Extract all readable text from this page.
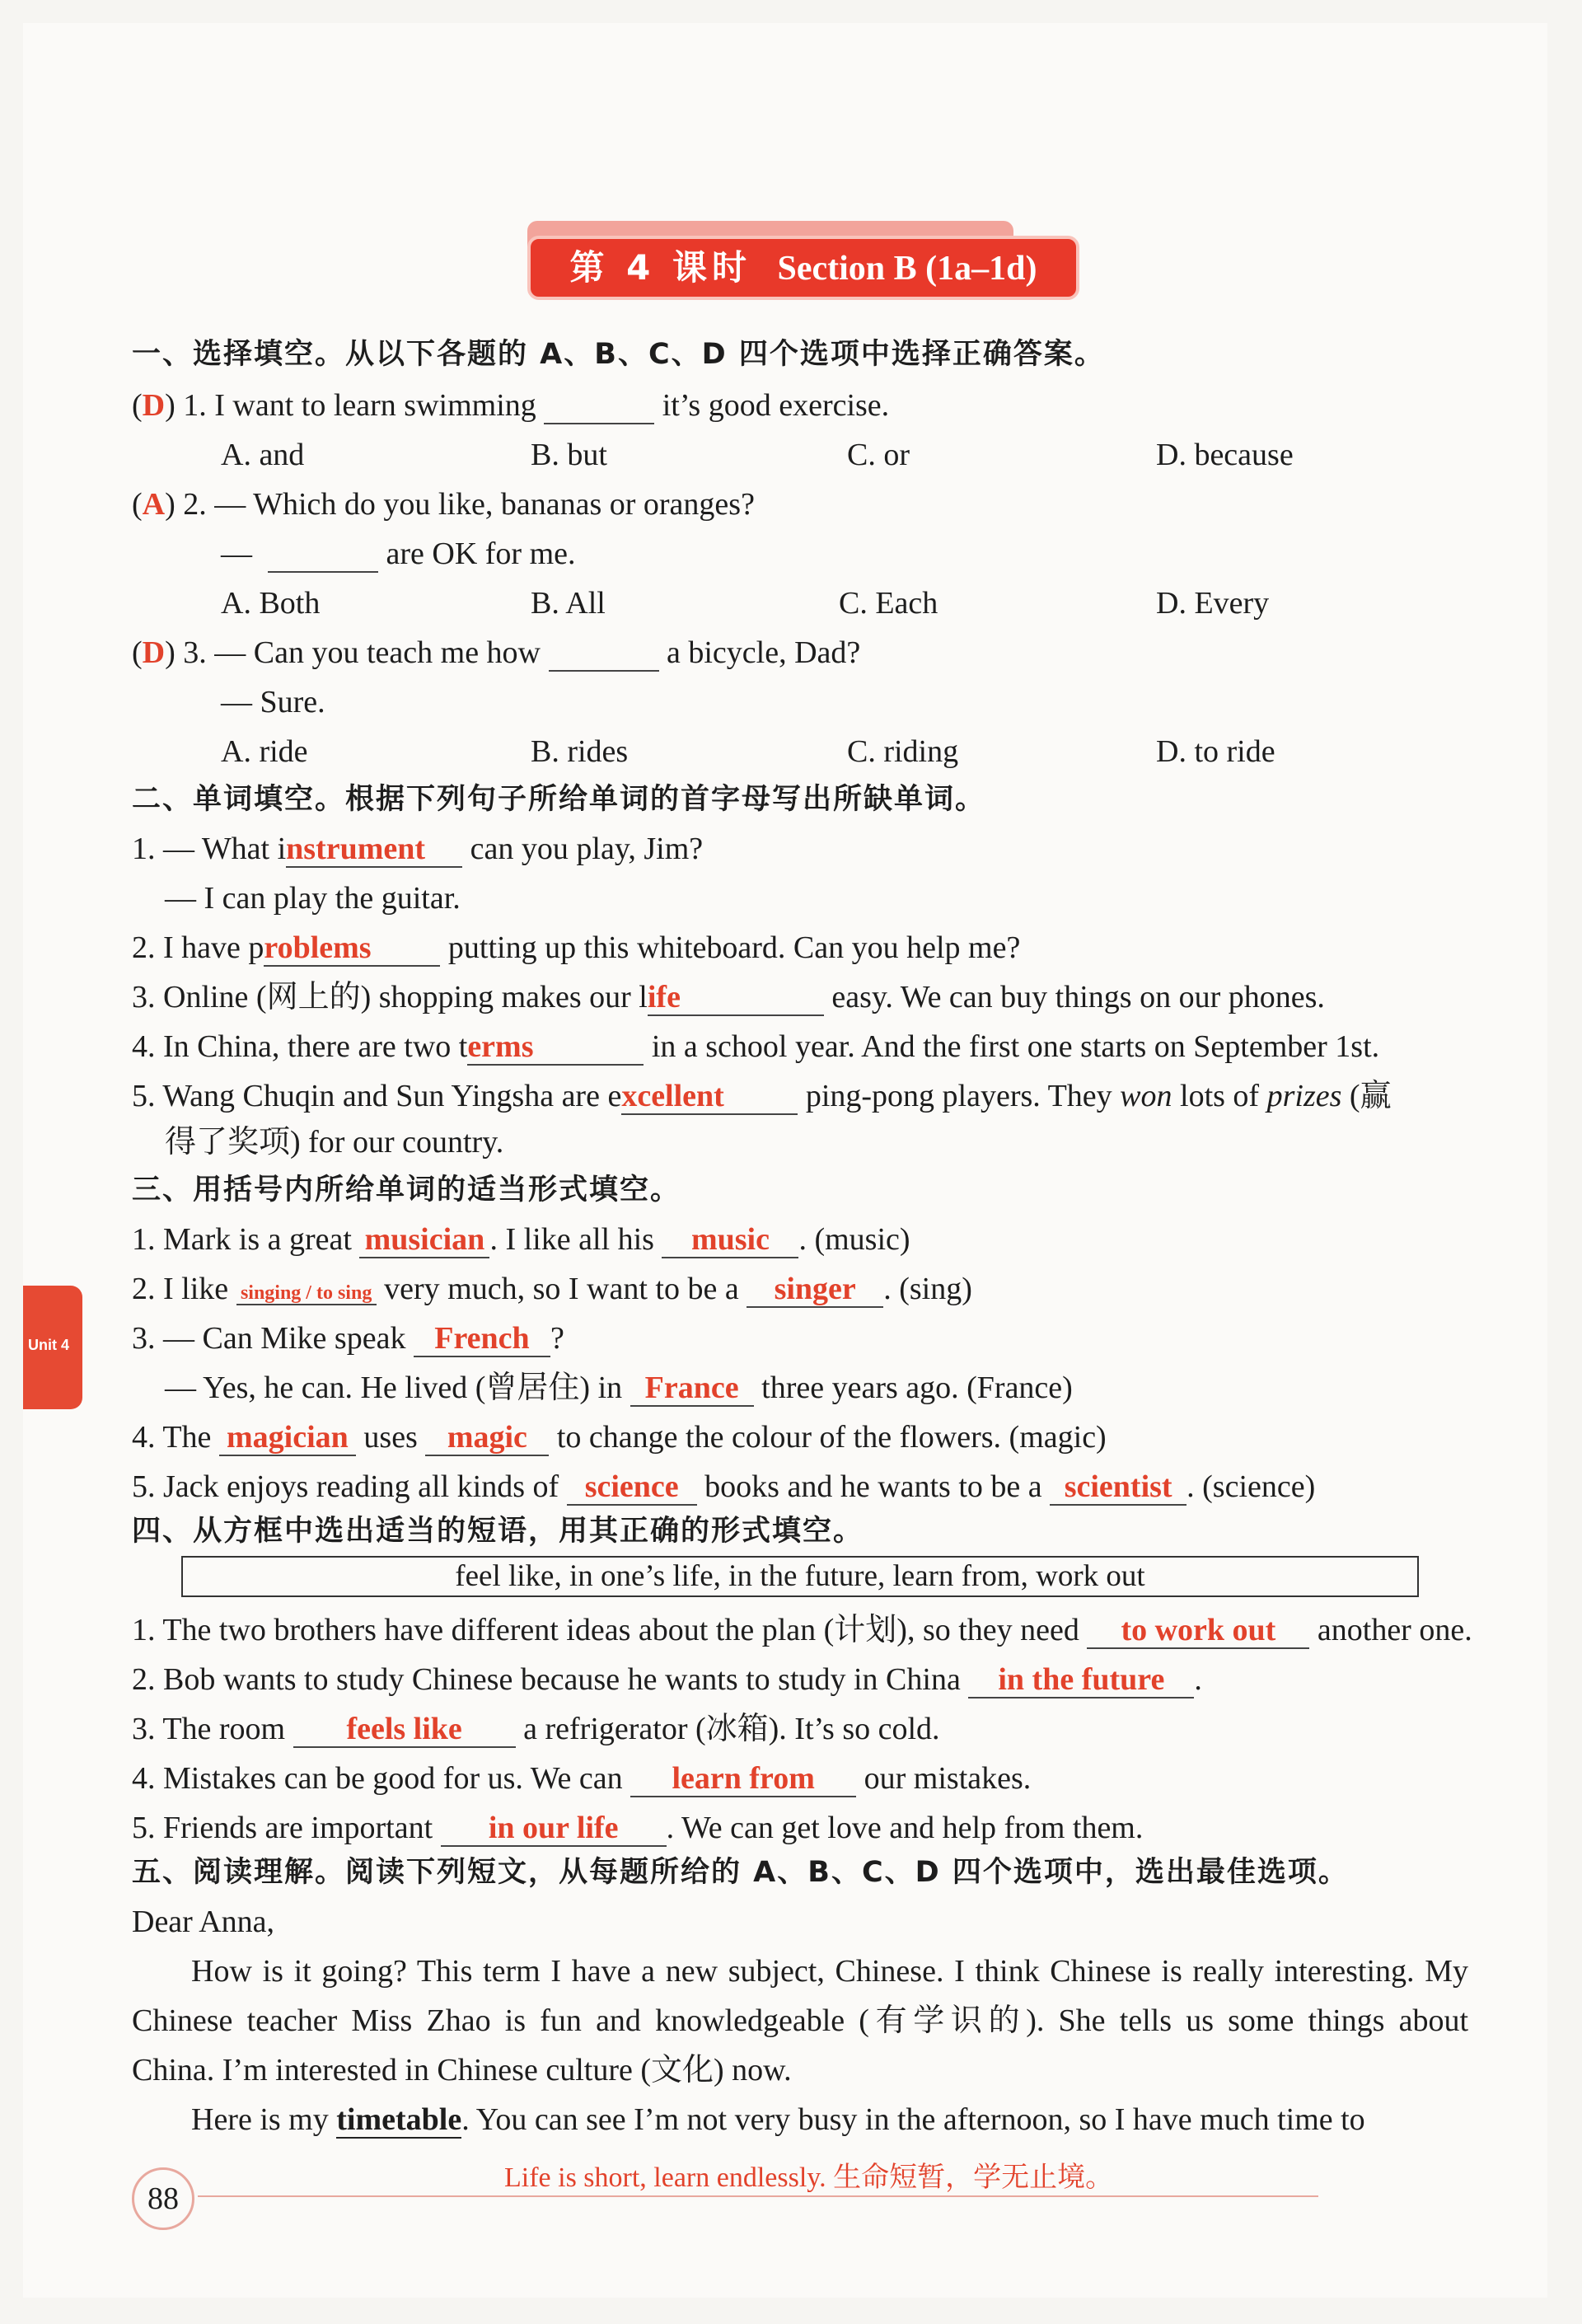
第 4 课时 Section B (1a–1d)
一、选择填空。从以下各题的 A、B、C、D 四个选项中选择正确答案。
(D) 1. I want to learn swimming	it’s good exercise.
A. and	B. but	C. or	D. because
(A) 2. — Which do you like, bananas or oranges?
—	are OK for me.
A. Both	B. All	C. Each	D. Every
(D) 3. — Can you teach me how	a bicycle, Dad?
— Sure.
A. ride	B. rides	C. riding	D. to ride
二、单词填空。根据下列句子所给单词的首字母写出所缺单词。
1. — What instrument can you play, Jim?
— I can play the guitar.
2. I have problems putting up this whiteboard. Can you help me?
3. Online (网上的) shopping makes our life	easy. We can buy things on our phones.
4. In China, there are two terms	in a school year. And the first one starts on September 1st.
5. Wang Chuqin and Sun Yingsha are excellent	ping-pong players. They won lots of prizes (赢
得了奖项) for our country.
三、用括号内所给单词的适当形式填空。
1. Mark is a great musician . I like all his music . (music)
2. I like singing / to sing very much, so I want to be a singer . (sing)
3. — Can Mike speak French ?
— Yes, he can. He lived (曾居住) in France three years ago. (France)
4. The magician uses magic to change the colour of the flowers. (magic)
5. Jack enjoys reading all kinds of science books and he wants to be a scientist . (science)
四、从方框中选出适当的短语，用其正确的形式填空。
feel like, in one’s life, in the future, learn from, work out
1. The two brothers have different ideas about the plan (计划), so they need to work out another one.
2. Bob wants to study Chinese because he wants to study in China in the future .
3. The room feels like a refrigerator (冰箱). It’s so cold.
4. Mistakes can be good for us. We can learn from our mistakes.
5. Friends are important in our life . We can get love and help from them.
五、阅读理解。阅读下列短文，从每题所给的 A、B、C、D 四个选项中，选出最佳选项。
Dear Anna,
How is it going? This term I have a new subject, Chinese. I think Chinese is really interesting. My
Chinese teacher Miss Zhao is fun and knowledgeable (有学识的). She tells us some things about
China. I’m interested in Chinese culture (文化) now.
Here is my timetable. You can see I’m not very busy in the afternoon, so I have much time to
Unit 4
88
Life is short, learn endlessly. 生命短暂，学无止境。
